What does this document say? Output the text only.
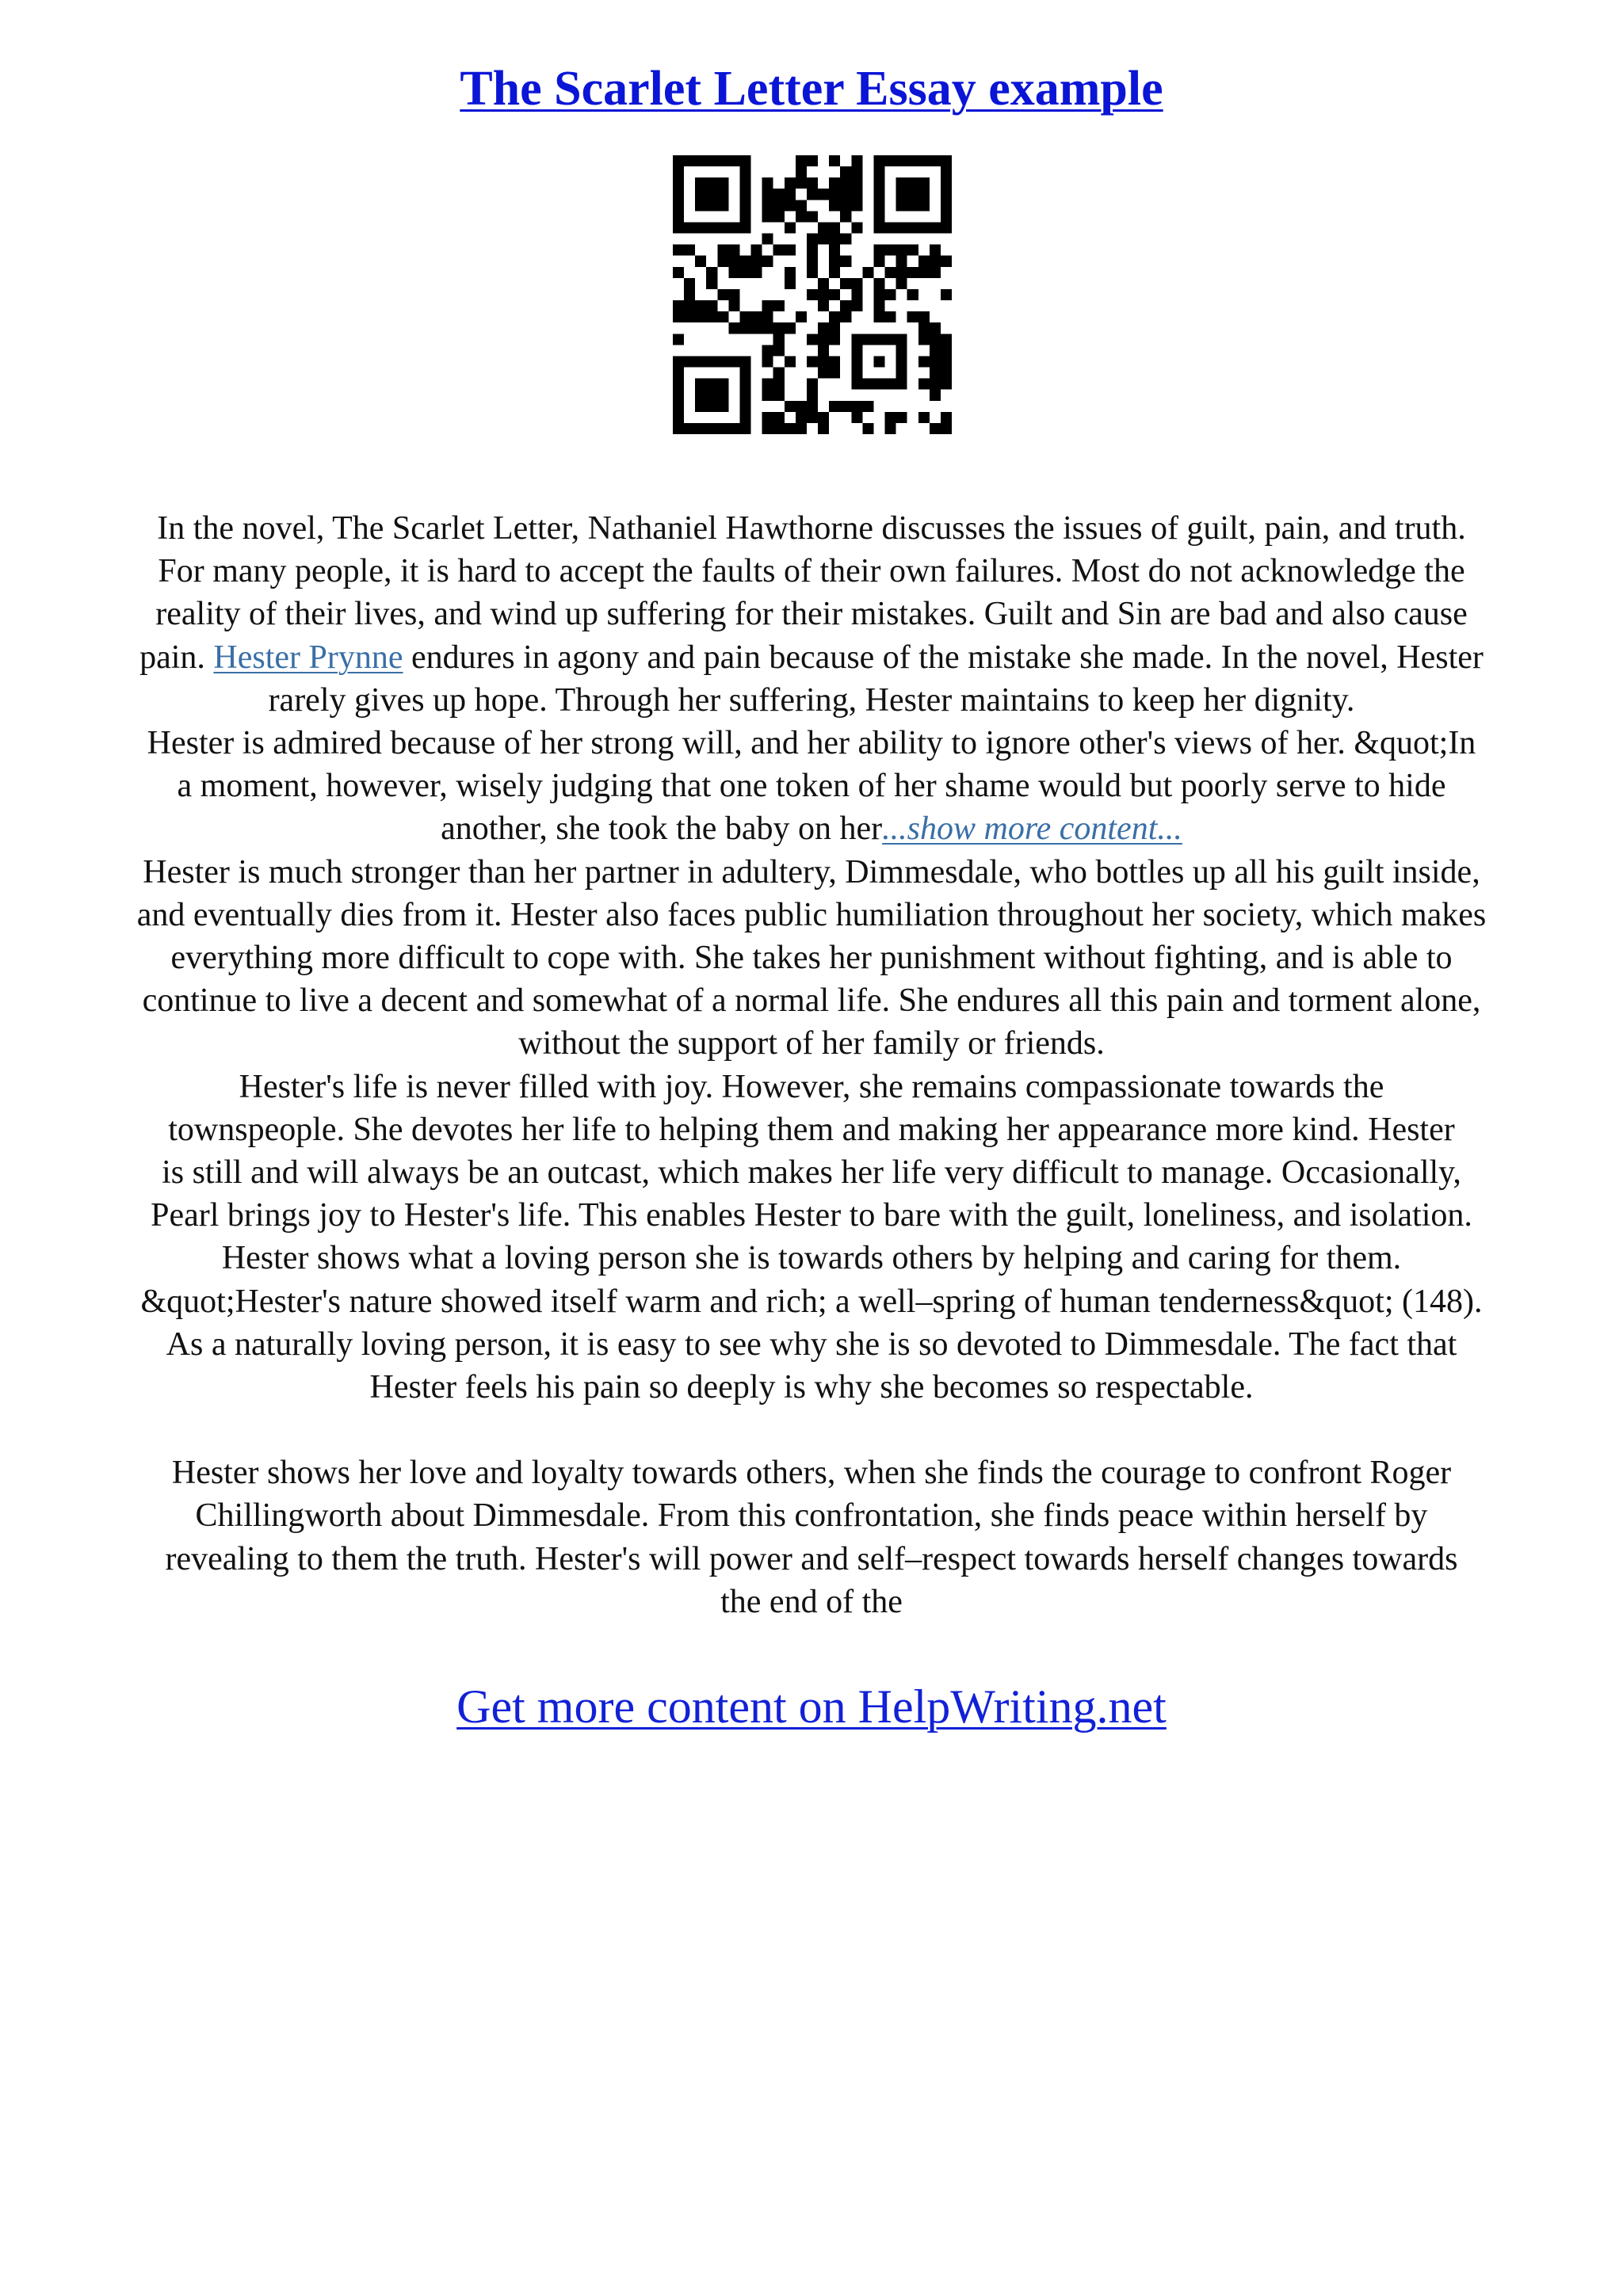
The Scarlet Letter Essay example
In the novel, The Scarlet Letter, Nathaniel Hawthorne discusses the issues of guilt, pain, and truth.
For many people, it is hard to accept the faults of their own failures. Most do not acknowledge the
reality of their lives, and wind up suffering for their mistakes. Guilt and Sin are bad and also cause
pain. Hester Prynne endures in agony and pain because of the mistake she made. In the novel, Hester
rarely gives up hope. Through her suffering, Hester maintains to keep her dignity.
Hester is admired because of her strong will, and her ability to ignore other's views of her. &quot;In
a moment, however, wisely judging that one token of her shame would but poorly serve to hide
another, she took the baby on her...show more content...
Hester is much stronger than her partner in adultery, Dimmesdale, who bottles up all his guilt inside,
and eventually dies from it. Hester also faces public humiliation throughout her society, which makes
everything more difficult to cope with. She takes her punishment without fighting, and is able to
continue to live a decent and somewhat of a normal life. She endures all this pain and torment alone,
without the support of her family or friends.
Hester's life is never filled with joy. However, she remains compassionate towards the
townspeople. She devotes her life to helping them and making her appearance more kind. Hester
is still and will always be an outcast, which makes her life very difficult to manage. Occasionally,
Pearl brings joy to Hester's life. This enables Hester to bare with the guilt, loneliness, and isolation.
Hester shows what a loving person she is towards others by helping and caring for them.
&quot;Hester's nature showed itself warm and rich; a well–spring of human tenderness&quot; (148).
As a naturally loving person, it is easy to see why she is so devoted to Dimmesdale. The fact that
Hester feels his pain so deeply is why she becomes so respectable.
Hester shows her love and loyalty towards others, when she finds the courage to confront Roger
Chillingworth about Dimmesdale. From this confrontation, she finds peace within herself by
revealing to them the truth. Hester's will power and self–respect towards herself changes towards
the end of the
Get more content on HelpWriting.net
